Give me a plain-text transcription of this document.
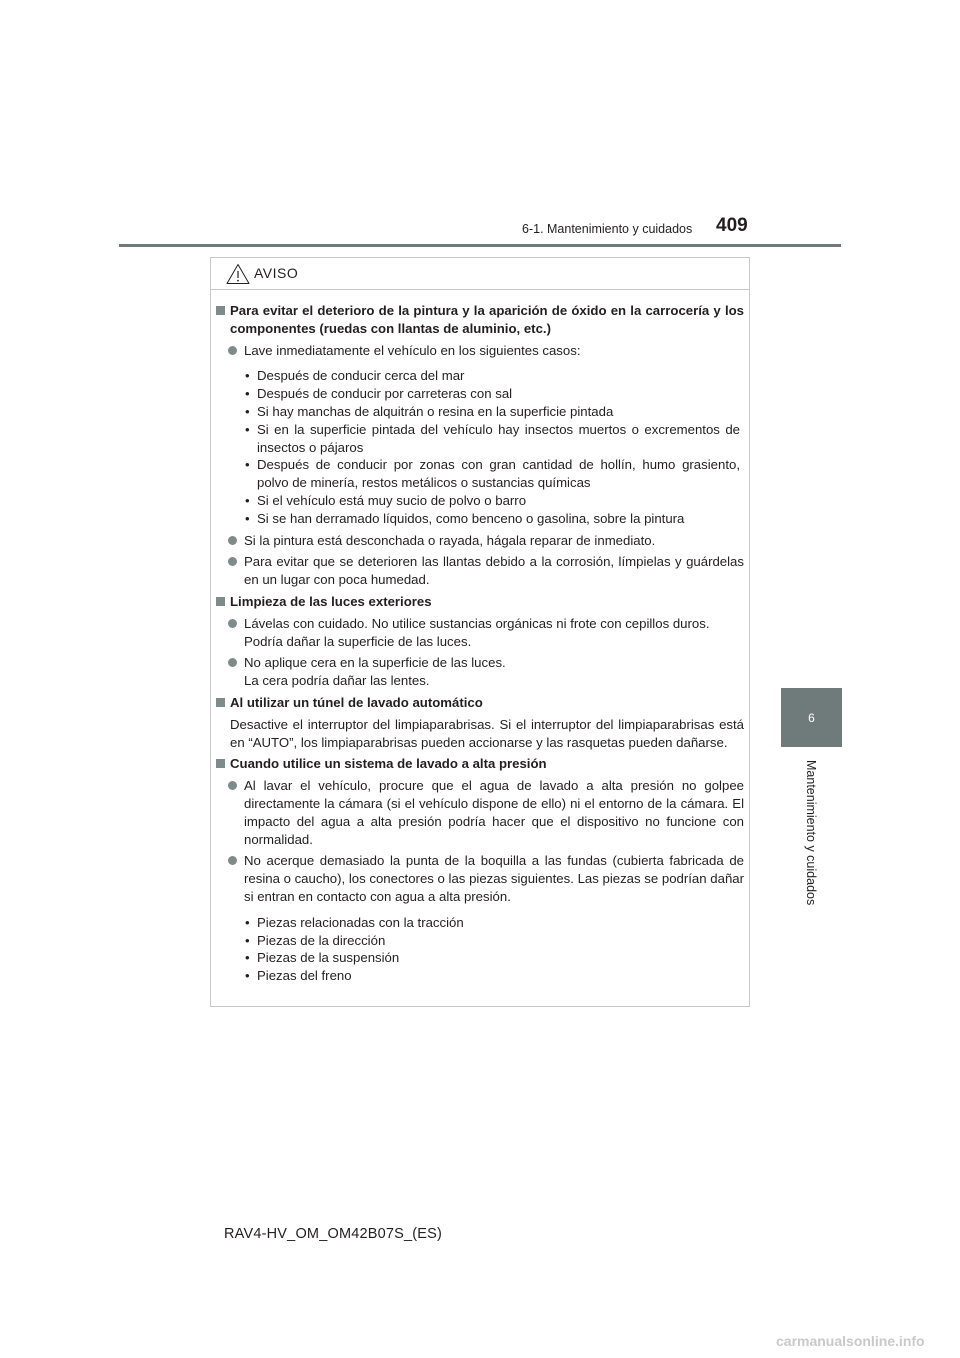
6-1. Mantenimiento y cuidados 409
6
Mantenimiento y cuidados
AVISO
Para evitar el deterioro de la pintura y la aparición de óxido en la carrocería y los componentes (ruedas con llantas de aluminio, etc.)
Lave inmediatamente el vehículo en los siguientes casos:
• Después de conducir cerca del mar
• Después de conducir por carreteras con sal
• Si hay manchas de alquitrán o resina en la superficie pintada
• Si en la superficie pintada del vehículo hay insectos muertos o excrementos de insectos o pájaros
• Después de conducir por zonas con gran cantidad de hollín, humo grasiento, polvo de minería, restos metálicos o sustancias químicas
• Si el vehículo está muy sucio de polvo o barro
• Si se han derramado líquidos, como benceno o gasolina, sobre la pintura
Si la pintura está desconchada o rayada, hágala reparar de inmediato.
Para evitar que se deterioren las llantas debido a la corrosión, límpielas y guárdelas en un lugar con poca humedad.
Limpieza de las luces exteriores
Lávelas con cuidado. No utilice sustancias orgánicas ni frote con cepillos duros.
Podría dañar la superficie de las luces.
No aplique cera en la superficie de las luces.
La cera podría dañar las lentes.
Al utilizar un túnel de lavado automático
Desactive el interruptor del limpiaparabrisas. Si el interruptor del limpiaparabrisas está en “AUTO”, los limpiaparabrisas pueden accionarse y las rasquetas pueden dañarse.
Cuando utilice un sistema de lavado a alta presión
Al lavar el vehículo, procure que el agua de lavado a alta presión no golpee directamente la cámara (si el vehículo dispone de ello) ni el entorno de la cámara. El impacto del agua a alta presión podría hacer que el dispositivo no funcione con normalidad.
No acerque demasiado la punta de la boquilla a las fundas (cubierta fabricada de resina o caucho), los conectores o las piezas siguientes. Las piezas se podrían dañar si entran en contacto con agua a alta presión.
• Piezas relacionadas con la tracción
• Piezas de la dirección
• Piezas de la suspensión
• Piezas del freno
RAV4-HV_OM_OM42B07S_(ES)
carmanualsonline.info
